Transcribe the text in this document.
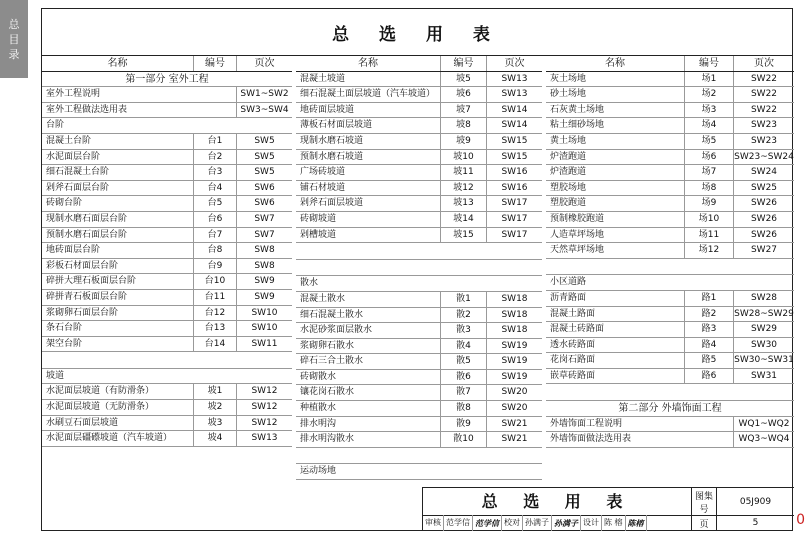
总
目
录
总 选 用 表
名称	编号	页次
第一部分 室外工程
室外工程说明	SW1~SW2
室外工程做法选用表	SW3~SW4
台阶
混凝土台阶	台1	SW5
水泥面层台阶	台2	SW5
细石混凝土台阶	台3	SW5
剁斧石面层台阶	台4	SW6
砖砌台阶	台5	SW6
现制水磨石面层台阶	台6	SW7
预制水磨石面层台阶	台7	SW7
地砖面层台阶	台8	SW8
彩板石材面层台阶	台9	SW8
碎拼大理石板面层台阶	台10	SW9
碎拼青石板面层台阶	台11	SW9
浆砌卵石面层台阶	台12	SW10
条石台阶	台13	SW10
架空台阶	台14	SW11
坡道
水泥面层坡道（有防滑条）	坡1	SW12
水泥面层坡道（无防滑条）	坡2	SW12
水刷豆石面层坡道	坡3	SW12
水泥面层礓礤坡道（汽车坡道）	坡4	SW13
名称	编号	页次
混凝土坡道	坡5	SW13
细石混凝土面层坡道（汽车坡道）	坡6	SW13
地砖面层坡道	坡7	SW14
薄板石材面层坡道	坡8	SW14
现制水磨石坡道	坡9	SW15
预制水磨石坡道	坡10	SW15
广场砖坡道	坡11	SW16
铺石材坡道	坡12	SW16
剁斧石面层坡道	坡13	SW17
砖砌坡道	坡14	SW17
剁槽坡道	坡15	SW17
散水
混凝土散水	散1	SW18
细石混凝土散水	散2	SW18
水泥砂浆面层散水	散3	SW18
浆砌卵石散水	散4	SW19
碎石三合土散水	散5	SW19
砖砌散水	散6	SW19
镶花岗石散水	散7	SW20
种植散水	散8	SW20
排水明沟	散9	SW21
排水明沟散水	散10	SW21
运动场地
名称	编号	页次
灰土场地	场1	SW22
砂土场地	场2	SW22
石灰黄土场地	场3	SW22
粘土细砂场地	场4	SW23
黄土场地	场5	SW23
炉渣跑道	场6	SW23~SW24
炉渣跑道	场7	SW24
塑胶场地	场8	SW25
塑胶跑道	场9	SW26
预制橡胶跑道	场10	SW26
人造草坪场地	场11	SW26
天然草坪场地	场12	SW27
小区道路
沥青路面	路1	SW28
混凝土路面	路2	SW28~SW29
混凝土砖路面	路3	SW29
透水砖路面	路4	SW30
花岗石路面	路5	SW30~SW31
嵌草砖路面	路6	SW31
第二部分 外墙饰面工程
外墙饰面工程说明	WQ1~WQ2
外墙饰面做法选用表	WQ3~WQ4
总 选 用 表
审核 范学信 范学信 校对 孙满子 孙满子 设计 陈 榕 陈榕
图集号
05J909
页	5	0
